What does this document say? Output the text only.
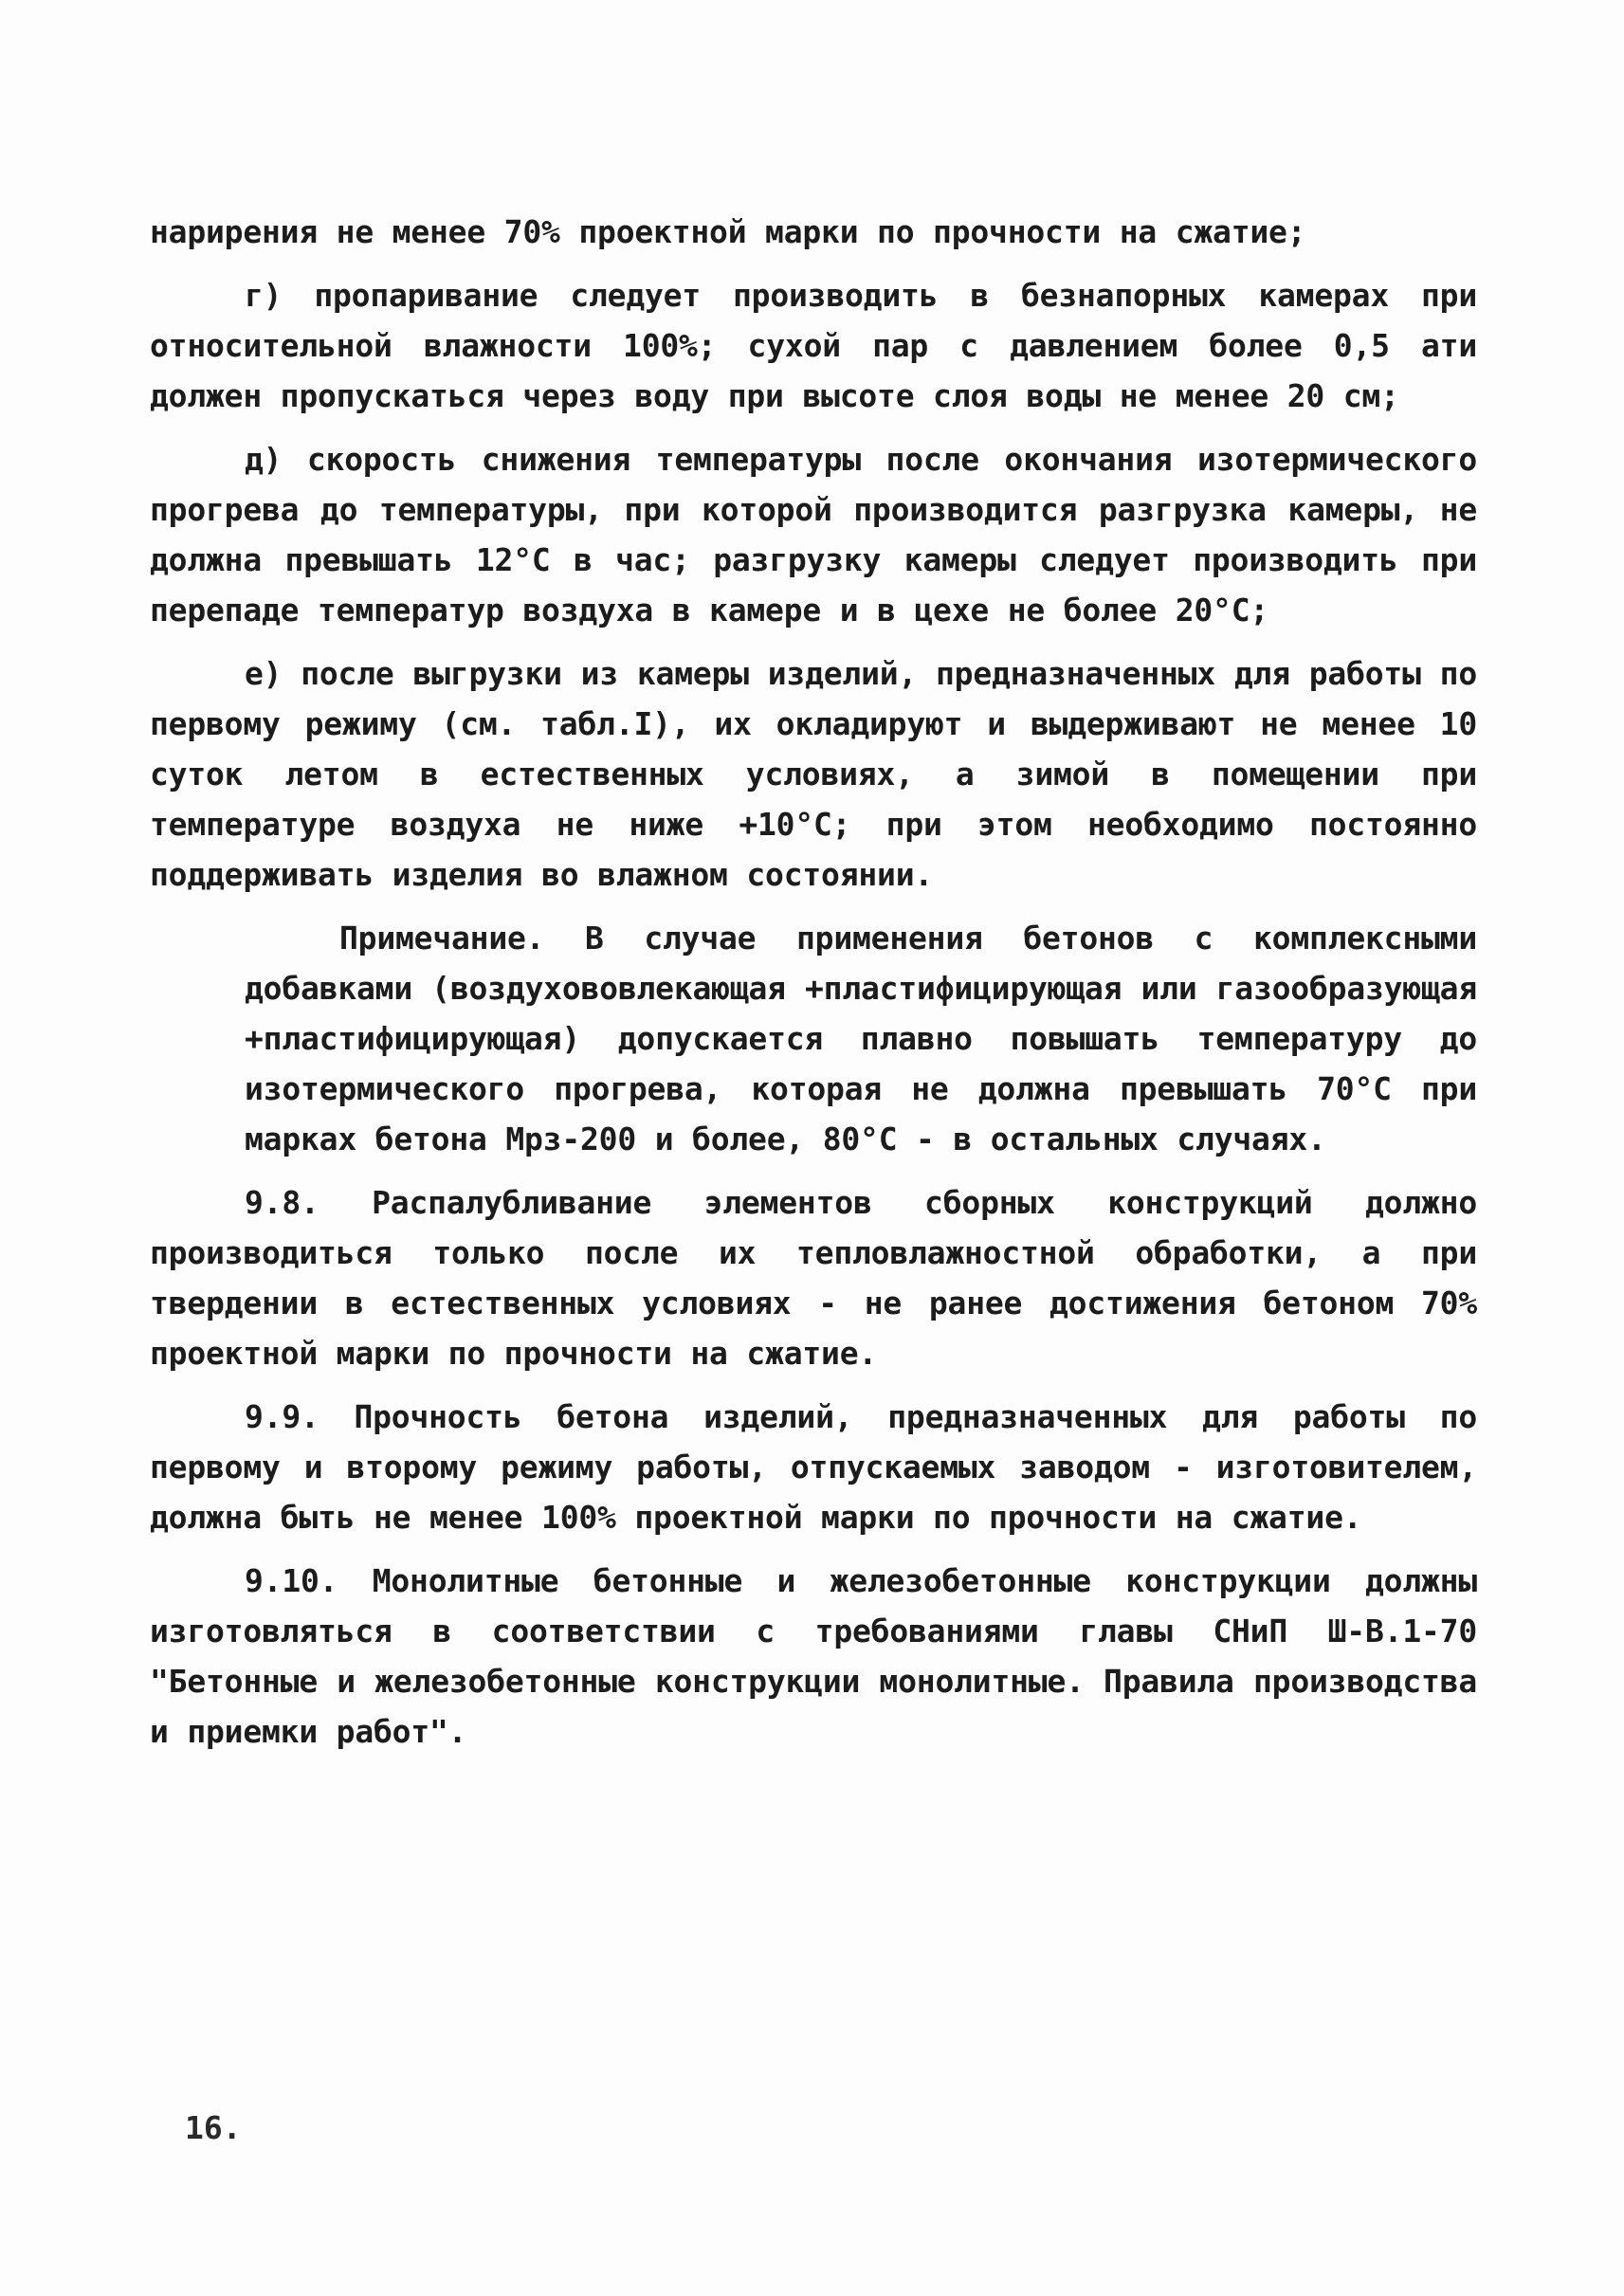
нарирения не менее 70% проектной марки по прочности на сжатие;

г) пропаривание следует производить в безнапорных камерах при относительной влажности 100%; сухой пар с давлением более 0,5 ати должен пропускаться через воду при высоте слоя воды не менее 20 см;

д) скорость снижения температуры после окончания изотермического прогрева до температуры, при которой производится разгрузка камеры, не должна превышать 12°С в час; разгрузку камеры следует производить при перепаде температур воздуха в камере и в цехе не более 20°С;

е) после выгрузки из камеры изделий, предназначенных для работы по первому режиму (см. табл.I), их окладируют и выдерживают не менее 10 суток летом в естественных условиях, а зимой в помещении при температуре воздуха не ниже +10°С; при этом необходимо постоянно поддерживать изделия во влажном состоянии.

Примечание. В случае применения бетонов с комплексными добавками (воздухововлекающая +пластифицирующая или газообразующая +пластифицирующая) допускается плавно повышать температуру до изотермического прогрева, которая не должна превышать 70°С при марках бетона Мрз-200 и более, 80°С - в остальных случаях.

9.8. Распалубливание элементов сборных конструкций должно производиться только после их тепловлажностной обработки, а при твердении в естественных условиях - не ранее достижения бетоном 70% проектной марки по прочности на сжатие.

9.9. Прочность бетона изделий, предназначенных для работы по первому и второму режиму работы, отпускаемых заводом - изготовителем, должна быть не менее 100% проектной марки по прочности на сжатие.

9.10. Монолитные бетонные и железобетонные конструкции должны изготовляться в соответствии с требованиями главы СНиП Ш-В.1-70 "Бетонные и железобетонные конструкции монолитные. Правила производства и приемки работ".

16.
